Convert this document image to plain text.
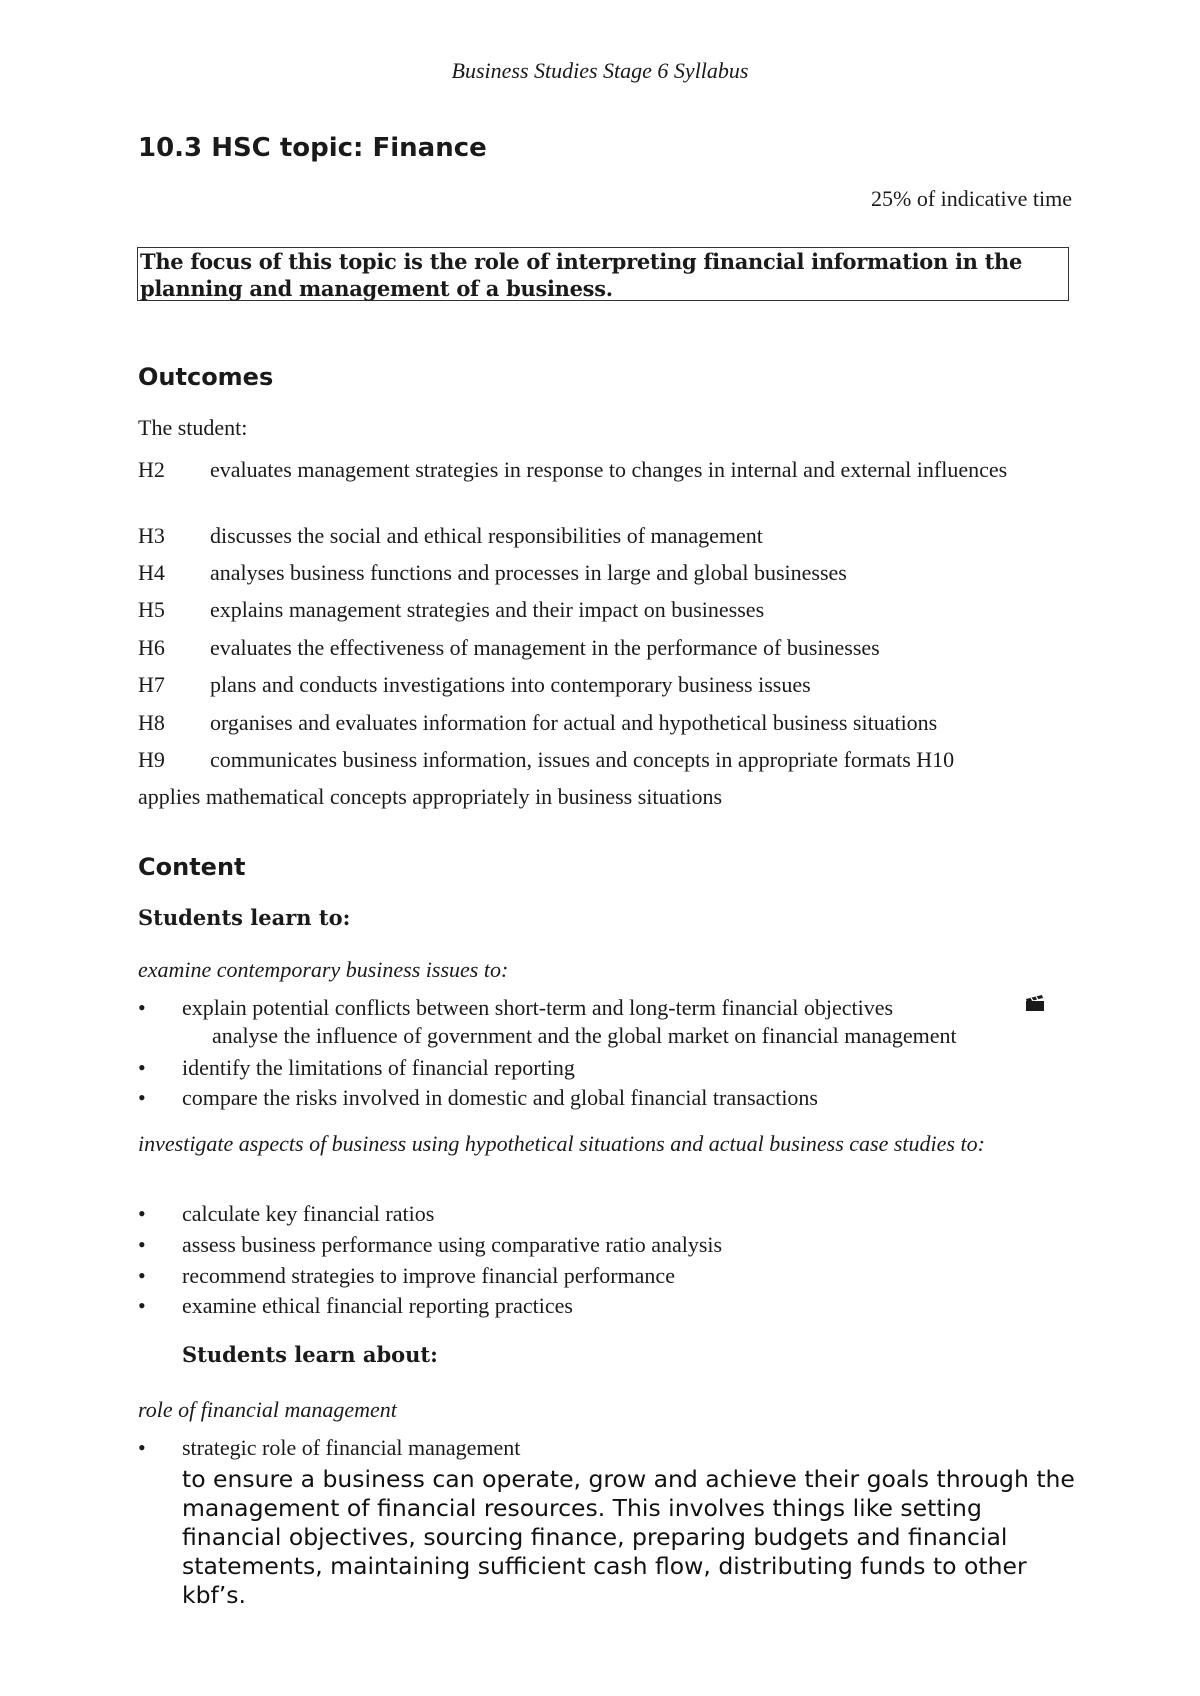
Business Studies Stage 6 Syllabus
10.3 HSC topic: Finance
25% of indicative time
The focus of this topic is the role of interpreting financial information in the planning and management of a business.
Outcomes
The student:
H2 evaluates management strategies in response to changes in internal and external influences
H3 discusses the social and ethical responsibilities of management
H4 analyses business functions and processes in large and global businesses
H5 explains management strategies and their impact on businesses
H6 evaluates the effectiveness of management in the performance of businesses
H7 plans and conducts investigations into contemporary business issues
H8 organises and evaluates information for actual and hypothetical business situations
H9 communicates business information, issues and concepts in appropriate formats H10
applies mathematical concepts appropriately in business situations
Content
Students learn to:
examine contemporary business issues to:
• explain potential conflicts between short-term and long-term financial objectives
analyse the influence of government and the global market on financial management
• identify the limitations of financial reporting
• compare the risks involved in domestic and global financial transactions
investigate aspects of business using hypothetical situations and actual business case studies to:
• calculate key financial ratios
• assess business performance using comparative ratio analysis
• recommend strategies to improve financial performance
• examine ethical financial reporting practices
Students learn about:
role of financial management
• strategic role of financial management

to ensure a business can operate, grow and achieve their goals through the management of financial resources. This involves things like setting financial objectives, sourcing finance, preparing budgets and financial statements, maintaining sufficient cash flow, distributing funds to other kbf’s.
